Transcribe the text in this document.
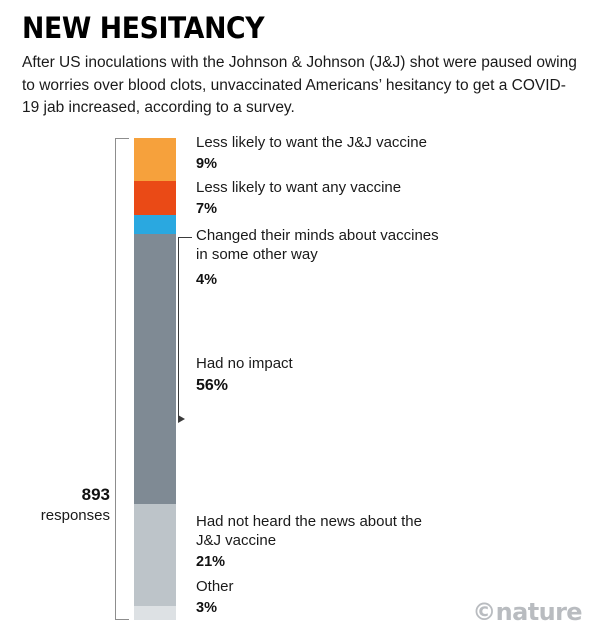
NEW HESITANCY
After US inoculations with the Johnson & Johnson (J&J) shot were paused owing to worries over blood clots, unvaccinated Americans’ hesitancy to get a COVID-19 jab increased, according to a survey.
893
responses
Less likely to want the J&J vaccine
9%
Less likely to want any vaccine
7%
Changed their minds about vaccines in some other way
4%
Had no impact
56%
Had not heard the news about the J&J vaccine
21%
Other
3%	©nature
